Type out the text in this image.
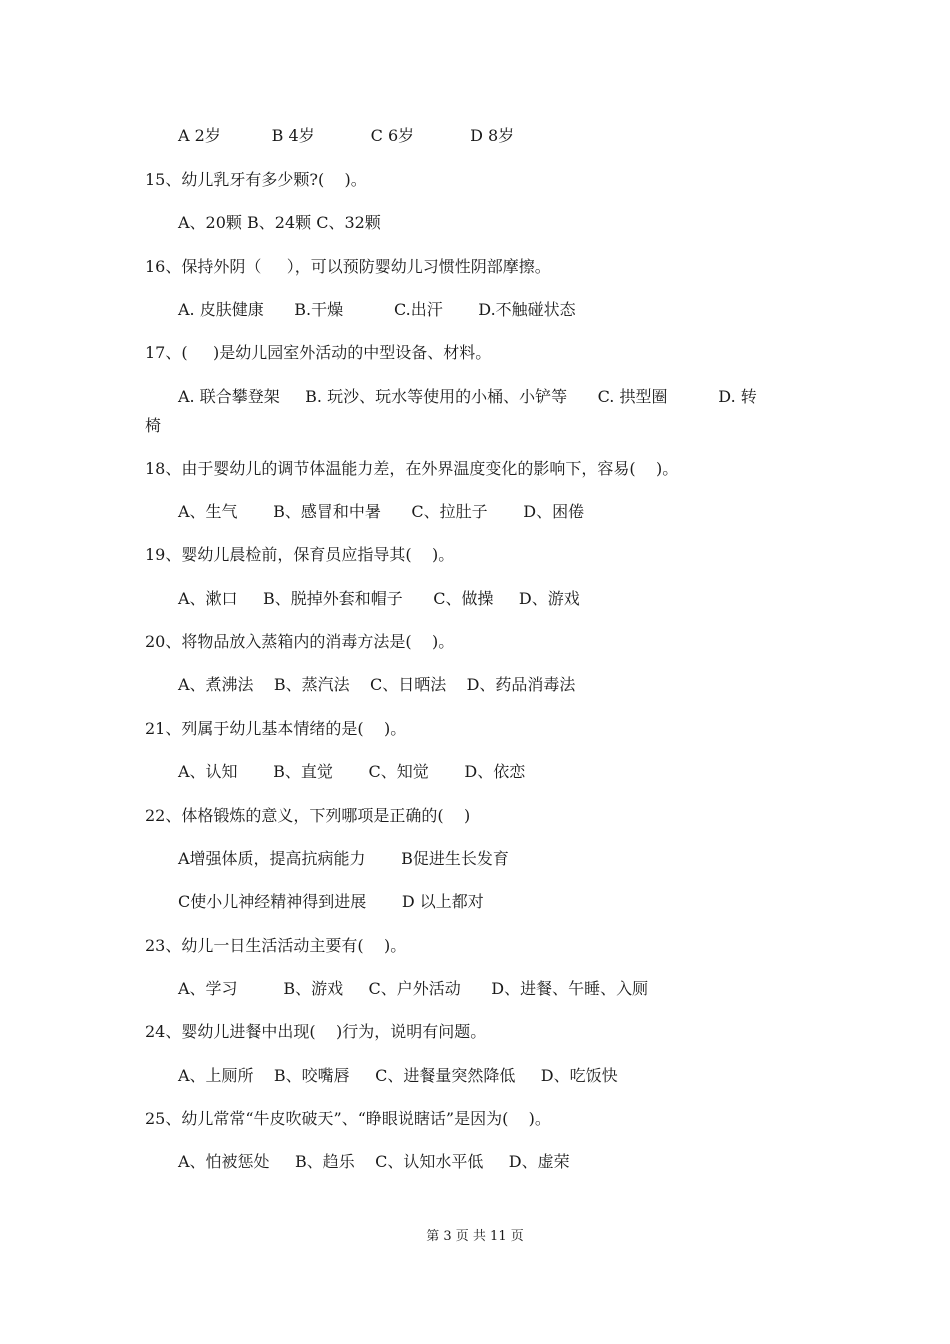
A 2岁          B 4岁           C 6岁           D 8岁
15、幼儿乳牙有多少颗?(    )。
A、20颗 B、24颗 C、32颗
16、保持外阴（     ），可以预防婴幼儿习惯性阴部摩擦。
A. 皮肤健康      B.干燥          C.出汗       D.不触碰状态
17、(     )是幼儿园室外活动的中型设备、材料。
A. 联合攀登架     B. 玩沙、玩水等使用的小桶、小铲等      C. 拱型圈          D. 转
椅
18、由于婴幼儿的调节体温能力差，在外界温度变化的影响下，容易(    )。
A、生气       B、感冒和中暑      C、拉肚子       D、困倦
19、婴幼儿晨检前，保育员应指导其(    )。
A、漱口     B、脱掉外套和帽子      C、做操     D、游戏
20、将物品放入蒸箱内的消毒方法是(    )。
A、煮沸法    B、蒸汽法    C、日晒法    D、药品消毒法
21、列属于幼儿基本情绪的是(    )。
A、认知       B、直觉       C、知觉       D、依恋
22、体格锻炼的意义，下列哪项是正确的(    )
A增强体质，提高抗病能力       B促进生长发育
C使小儿神经精神得到进展       D 以上都对
23、幼儿一日生活活动主要有(    )。
A、学习         B、游戏     C、户外活动      D、进餐、午睡、入厕
24、婴幼儿进餐中出现(    )行为，说明有问题。
A、上厕所    B、咬嘴唇     C、进餐量突然降低     D、吃饭快
25、幼儿常常“牛皮吹破天”、“睁眼说瞎话”是因为(    )。
A、怕被惩处     B、趋乐    C、认知水平低     D、虚荣
第 3 页 共 11 页
